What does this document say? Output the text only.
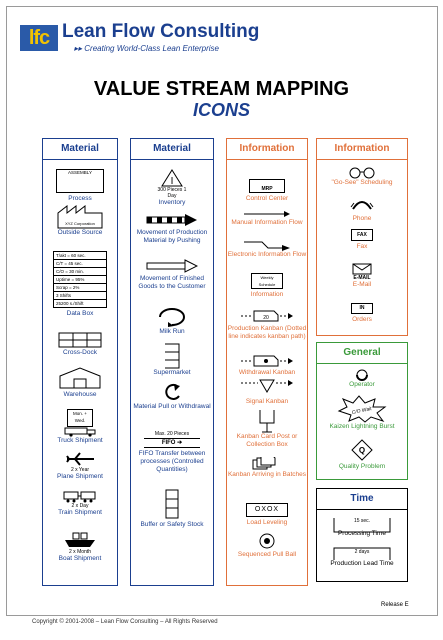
lfc Lean Flow Consulting
▸▸ Creating World-Class Lean Enterprise
VALUE STREAM MAPPING
ICONS
Material
ASSEMBLY
Process
XYZ Corporation
Outside Source
T/akt = 60 sec.
C/T = 45 sec.
C/O = 30 min.
Uptime = 95%
Scrap = 2%
3 Shifts
25200 s./Shift
Data Box
Cross-Dock
Warehouse
Mon. + Wed.
Truck Shipment
2 x Year
Plane Shipment
2 x Day
Train Shipment
2 x Month
Boat Shipment
Material
I
300 Pieces 1 Day
Inventory
Movement of Production Material by Pushing
Movement of Finished Goods to the Customer
Milk Run
Supermarket
Material Pull or Withdrawal
Max. 20 Pieces
FIFO ➔
FIFO Transfer between processes (Controlled Quantities)
Buffer or Safety Stock
Information
MRP
Control Center
Manual Information Flow
Electronic Information Flow
Weekly Schedule
Information
20
Production Kanban (Dotted line indicates kanban path)
Withdrawal Kanban
Signal Kanban
Kanban Card Post or Collection Box
Kanban Arriving in Batches
OXOX
Load Leveling
Sequenced Pull Ball
Information
"Go-See" Scheduling
Phone
FAX
Fax
E-MAIL
E-Mail
IN
Orders
General
Operator
C/O Wait
Kaizen Lightning Burst
Q
Quality Problem
Time
15 sec.
Processing Time
2 days
Production Lead Time
Release E
Copyright © 2001-2008 – Lean Flow Consulting – All Rights Reserved
